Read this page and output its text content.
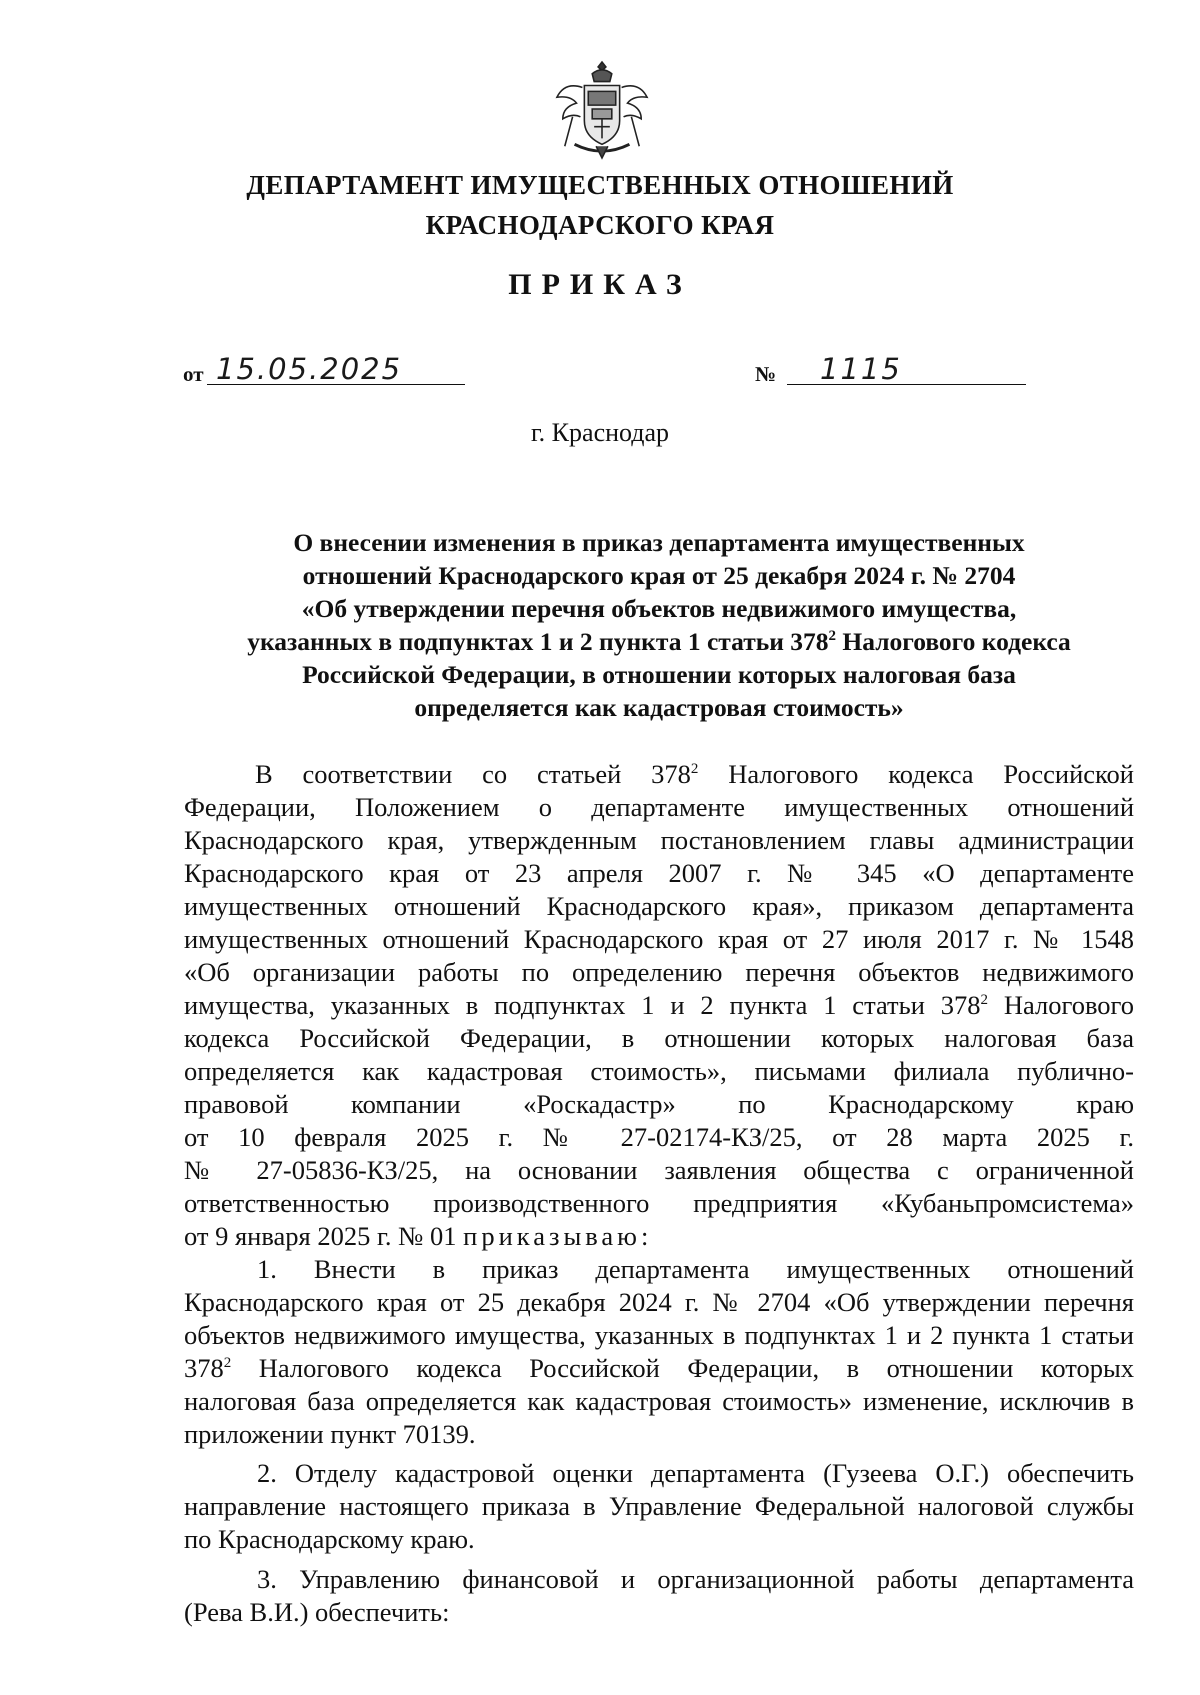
ДЕПАРТАМЕНТ ИМУЩЕСТВЕННЫХ ОТНОШЕНИЙ
КРАСНОДАРСКОГО КРАЯ
ПРИКАЗ
от 15.05.2025	№ 1115
г. Краснодар
О внесении изменения в приказ департамента имущественных
отношений Краснодарского края от 25 декабря 2024 г. № 2704
«Об утверждении перечня объектов недвижимого имущества,
указанных в подпунктах 1 и 2 пункта 1 статьи $378^2$ Налогового кодекса
Российской Федерации, в отношении которых налоговая база
определяется как кадастровая стоимость»
В соответствии со статьей $378^2$ Налогового кодекса Российской
Федерации, Положением о департаменте имущественных отношений
Краснодарского края, утвержденным постановлением главы администрации
Краснодарского края от 23 апреля 2007 г. № 345 «О департаменте
имущественных отношений Краснодарского края», приказом департамента
имущественных отношений Краснодарского края от 27 июля 2017 г. № 1548
«Об организации работы по определению перечня объектов недвижимого
имущества, указанных в подпунктах 1 и 2 пункта 1 статьи $378^2$ Налогового
кодекса Российской Федерации, в отношении которых налоговая база
определяется как кадастровая стоимость», письмами филиала публично-
правовой компании «Роскадастр» по Краснодарскому краю
от 10 февраля 2025 г. № 27-02174-КЗ/25, от 28 марта 2025 г.
№ 27-05836-КЗ/25, на основании заявления общества с ограниченной
ответственностью производственного предприятия «Кубаньпромсистема»
от 9 января 2025 г. № 01 приказываю:
1. Внести в приказ департамента имущественных отношений
Краснодарского края от 25 декабря 2024 г. № 2704 «Об утверждении перечня
объектов недвижимого имущества, указанных в подпунктах 1 и 2 пункта 1 статьи
$378^2$ Налогового кодекса Российской Федерации, в отношении которых
налоговая база определяется как кадастровая стоимость» изменение, исключив в
приложении пункт 70139.
2. Отделу кадастровой оценки департамента (Гузеева О.Г.) обеспечить
направление настоящего приказа в Управление Федеральной налоговой службы
по Краснодарскому краю.
3. Управлению финансовой и организационной работы департамента
(Рева В.И.) обеспечить:
